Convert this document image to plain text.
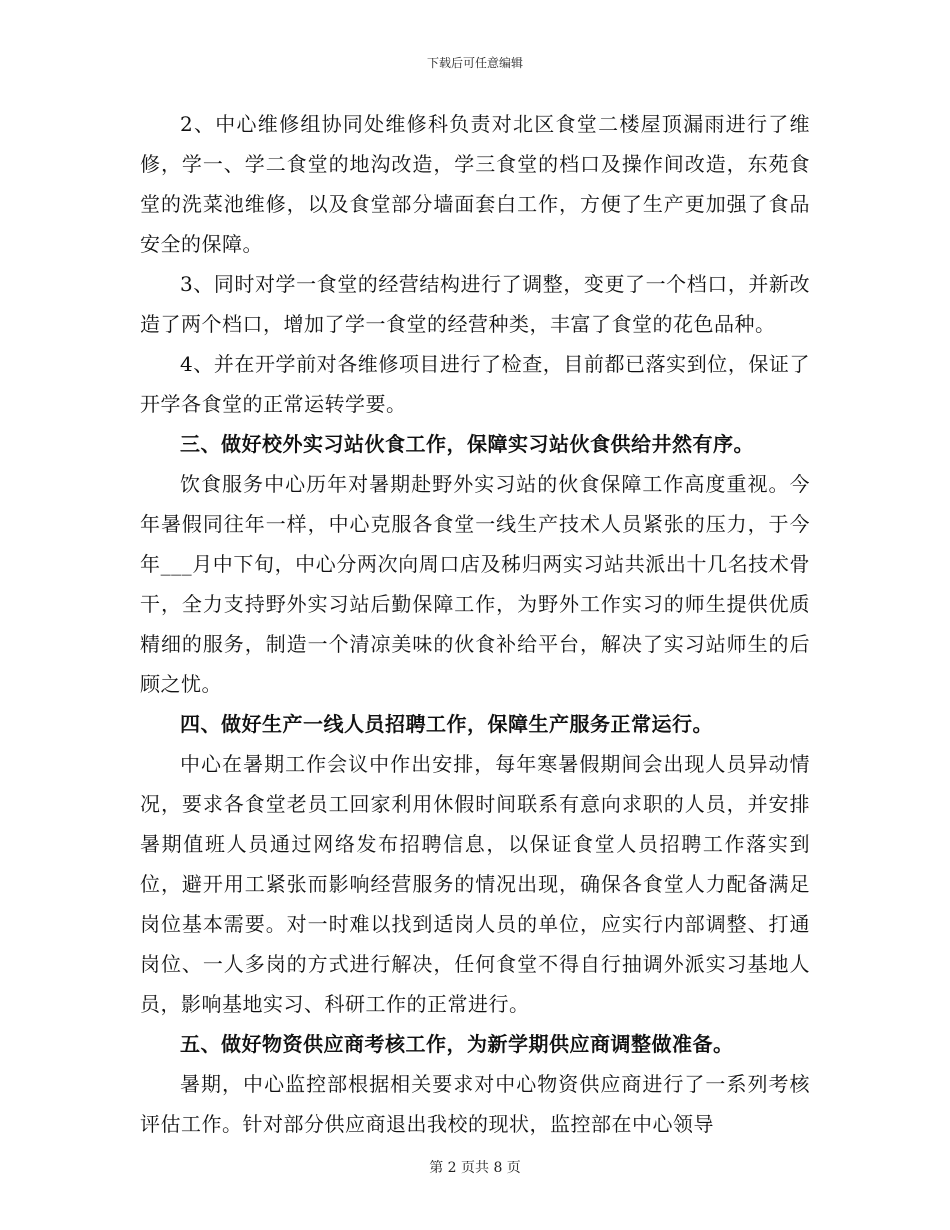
下载后可任意编辑

2、中心维修组协同处维修科负责对北区食堂二楼屋顶漏雨进行了维修，学一、学二食堂的地沟改造，学三食堂的档口及操作间改造，东苑食堂的洗菜池维修，以及食堂部分墙面套白工作，方便了生产更加强了食品安全的保障。

3、同时对学一食堂的经营结构进行了调整，变更了一个档口，并新改造了两个档口，增加了学一食堂的经营种类，丰富了食堂的花色品种。

4、并在开学前对各维修项目进行了检查，目前都已落实到位，保证了开学各食堂的正常运转学要。

三、做好校外实习站伙食工作，保障实习站伙食供给井然有序。

饮食服务中心历年对暑期赴野外实习站的伙食保障工作高度重视。今年暑假同往年一样，中心克服各食堂一线生产技术人员紧张的压力，于今年___月中下旬，中心分两次向周口店及秭归两实习站共派出十几名技术骨干，全力支持野外实习站后勤保障工作，为野外工作实习的师生提供优质精细的服务，制造一个清凉美味的伙食补给平台，解决了实习站师生的后顾之忧。

四、做好生产一线人员招聘工作，保障生产服务正常运行。

中心在暑期工作会议中作出安排，每年寒暑假期间会出现人员异动情况，要求各食堂老员工回家利用休假时间联系有意向求职的人员，并安排暑期值班人员通过网络发布招聘信息，以保证食堂人员招聘工作落实到位，避开用工紧张而影响经营服务的情况出现，确保各食堂人力配备满足岗位基本需要。对一时难以找到适岗人员的单位，应实行内部调整、打通岗位、一人多岗的方式进行解决，任何食堂不得自行抽调外派实习基地人员，影响基地实习、科研工作的正常进行。

五、做好物资供应商考核工作，为新学期供应商调整做准备。

暑期，中心监控部根据相关要求对中心物资供应商进行了一系列考核评估工作。针对部分供应商退出我校的现状，监控部在中心领导

第 2 页共 8 页
